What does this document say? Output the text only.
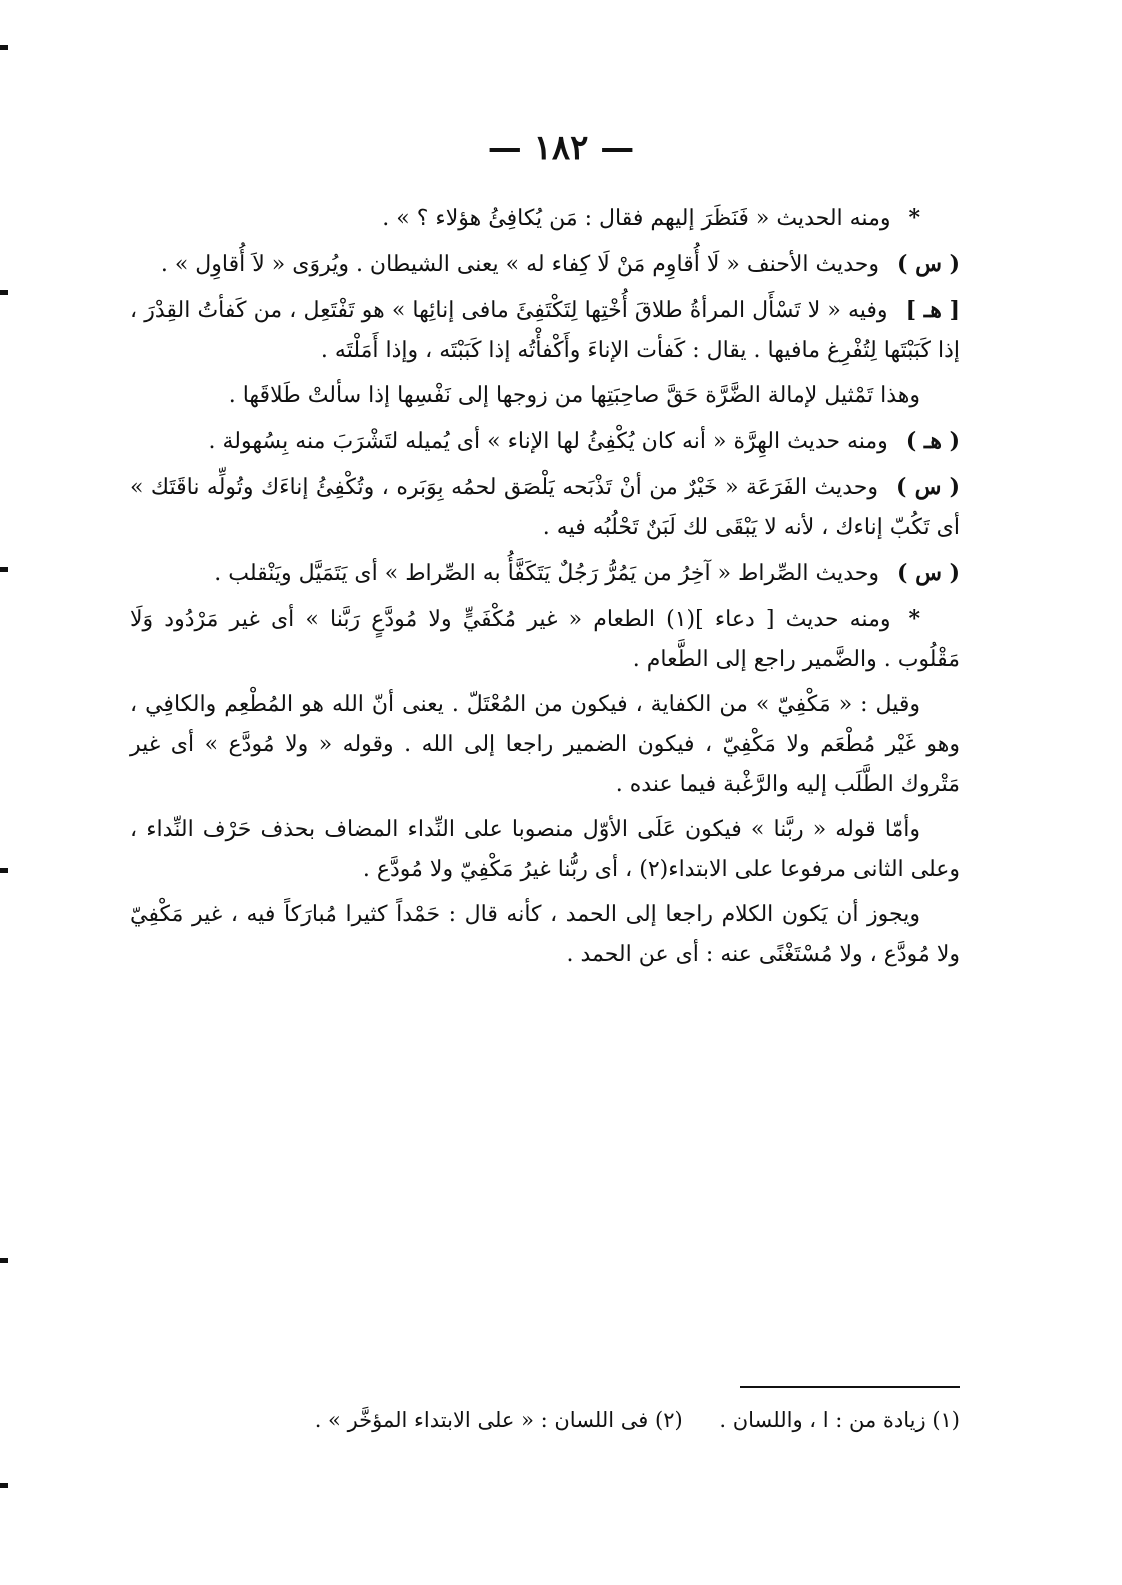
— ١٨٢ —

*ومنه الحديث « فَنَظَرَ إليهم فقال : مَن يُكافِئُ هؤلاء ؟ » .

( س )وحديث الأحنف « لَا أُقاوِم مَنْ لَا كِفاء له » يعنى الشيطان . ويُروَى « لاَ أُقاوِل » .

[ هـ ]وفيه « لا تَسْأَل المرأةُ طلاقَ أُخْتِها لِتَكْتَفِئَ مافى إنائِها » هو تَفْتَعِل ، من كَفأتُ القِدْرَ ، إذا كَبَبْتَها لِتُفْرِغ مافيها . يقال : كَفأت الإناءَ وأَكْفأْتُه إذا كَبَبْتَه ، وإذا أَمَلْتَه .

وهذا تَمْثيل لإمالة الضَّرَّة حَقَّ صاحِبَتِها من زوجها إلى نَفْسِها إذا سألتْ طَلاقَها .

( هـ )ومنه حديث الهِرَّة « أنه كان يُكْفِئُ لها الإناء » أى يُميله لتَشْرَبَ منه بِسُهولة .

( س )وحديث الفَرَعَة « خَيْرٌ من أنْ تَذْبَحه يَلْصَق لحمُه بِوَبَره ، وتُكْفِئُ إناءَك وتُولِّه ناقَتَك » أى تَكُبّ إناءك ، لأنه لا يَبْقَى لك لَبَنٌ تَحْلُبُه فيه .

( س )وحديث الصِّراط « آخِرُ من يَمُرُّ رَجُلٌ يَتَكَفَّأُ به الصِّراط » أى يَتَمَيَّل ويَنْقلب .

*ومنه حديث [ دعاء ](١) الطعام « غير مُكْفَيٍّ ولا مُودَّعٍ رَبَّنا » أى غير مَرْدُود وَلَا مَقْلُوب . والضَّمير راجع إلى الطَّعام .

وقيل : « مَكْفِيّ » من الكفاية ، فيكون من المُعْتَلّ . يعنى أنّ الله هو المُطْعِم والكافِي ، وهو غَيْر مُطْعَم ولا مَكْفِيّ ، فيكون الضمير راجعا إلى الله . وقوله « ولا مُودَّع » أى غير مَتْروك الطَّلَب إليه والرَّغْبة فيما عنده .

وأمّا قوله « ربَّنا » فيكون عَلَى الأوّل منصوبا على النِّداء المضاف بحذف حَرْف النِّداء ، وعلى الثانى مرفوعا على الابتداء(٢) ، أى ربُّنا غيرُ مَكْفِيّ ولا مُودَّع .

ويجوز أن يَكون الكلام راجعا إلى الحمد ، كأنه قال : حَمْداً كثيرا مُبارَكاً فيه ، غير مَكْفِيّ ولا مُودَّع ، ولا مُسْتَغْنًى عنه : أى عن الحمد .

(١) زيادة من : ا ، واللسان . (٢) فى اللسان : « على الابتداء المؤخَّر » .
